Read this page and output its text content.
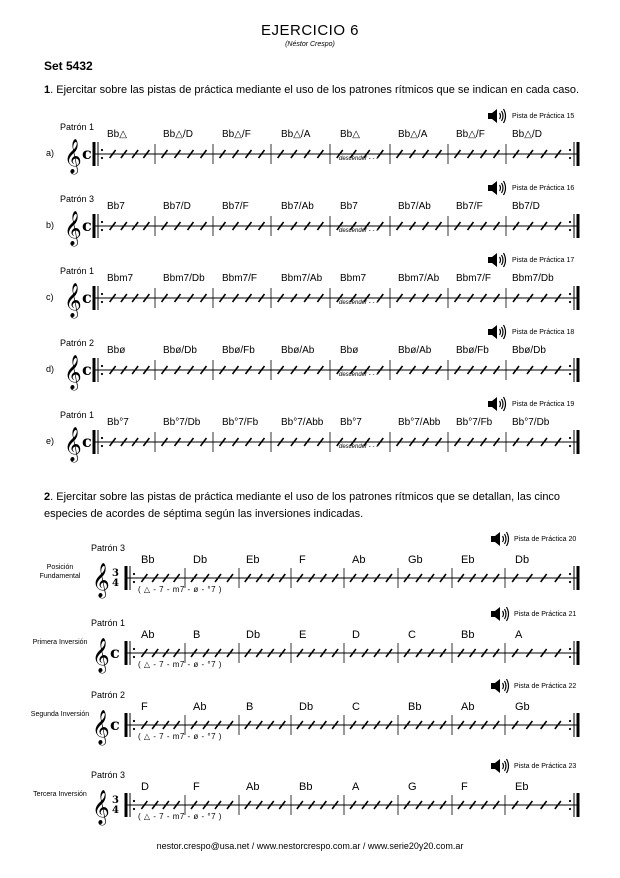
EJERCICIO 6
(Néstor Crespo)
Set 5432
1. Ejercitar sobre las pistas de práctica mediante el uso de los patrones rítmicos que se indican en cada caso.
2. Ejercitar sobre las pistas de práctica mediante el uso de los patrones rítmicos que se detallan, las cinco
especies de acordes de séptima según las inversiones indicadas.
Patrón 1
a)
Pista de Práctica 15
Bb△	Bb△/D	Bb△/F	Bb△/A	Bb△	Bb△/A	Bb△/F	Bb△/D
𝄞 c	descender - - -
Patrón 3
b)
Pista de Práctica 16
Bb7	Bb7/D	Bb7/F	Bb7/Ab	Bb7	Bb7/Ab	Bb7/F	Bb7/D
𝄞 c	descender - - -
Patrón 1
c)
Pista de Práctica 17
Bbm7	Bbm7/Db Bbm7/F Bbm7/Ab Bbm7	Bbm7/Ab Bbm7/F Bbm7/Db
𝄞 c	descender - - -
Patrón 2
d)
Pista de Práctica 18
Bbø	Bbø/Db	Bbø/Fb	Bbø/Ab	Bbø	Bbø/Ab Bbø/Fb Bbø/Db
𝄞 c	descender - - -
Patrón 1
e)
Pista de Práctica 19
Bb°7	Bb°7/Db Bb°7/Fb Bb°7/Abb Bb°7	Bb°7/Abb Bb°7/Fb Bb°7/Db
𝄞 c	descender - - -
Patrón 3
Posición Fundamental
Pista de Práctica 20
Bb	Db	Eb	F	Ab	Gb	Eb	Db
𝄞 3
4
( △ - 7 - m7 - ø - °7 )
Patrón 1
Primera Inversión
Pista de Práctica 21
Ab	B	Db	E	D	C	Bb	A
𝄞 c
( △ - 7 - m7 - ø - °7 )
Patrón 2
Segunda Inversión
Pista de Práctica 22
F	Ab	B	Db	C	Bb	Ab	Gb
𝄞 c
( △ - 7 - m7 - ø - °7 )
Patrón 3
Tercera Inversión
Pista de Práctica 23
D	F	Ab	Bb	A	G	F	Eb
𝄞 3
4
( △ - 7 - m7 - ø - °7 )
nestor.crespo@usa.net / www.nestorcrespo.com.ar / www.serie20y20.com.ar
